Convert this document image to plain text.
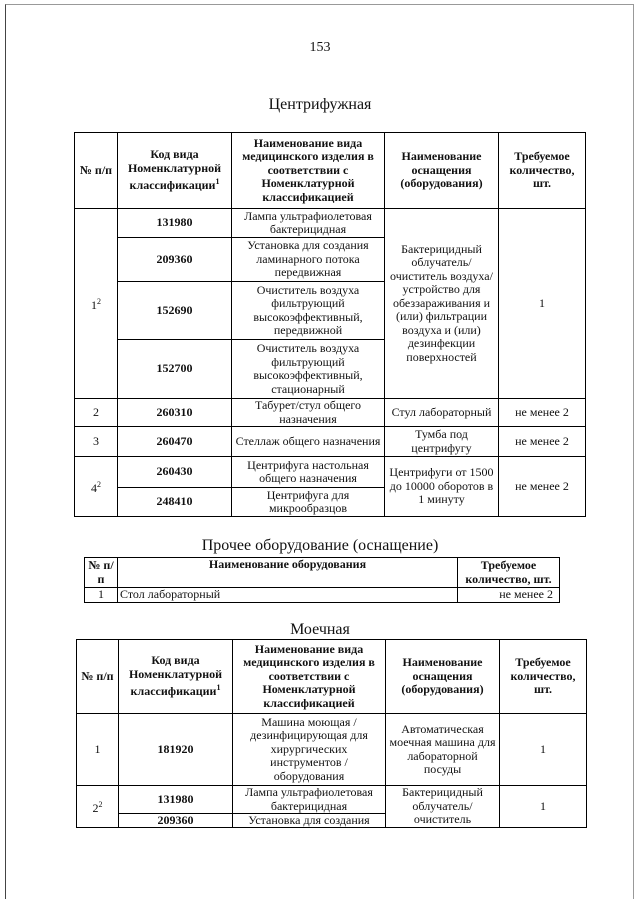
153
Центрифужная
№ п/п	Код вида Номенклатурной классификации$^1$	Наименование вида медицинского изделия в соответствии с Номенклатурной классификацией	Наименование оснащения (оборудования)	Требуемое количество, шт.
$1^2$	131980	Лампа ультрафиолетовая бактерицидная	Бактерицидный облучатель/ очиститель воздуха/ устройство для обеззараживания и (или) фильтрации воздуха и (или) дезинфекции поверхностей	1
	209360	Установка для создания ламинарного потока передвижная		
	152690	Очиститель воздуха фильтрующий высокоэффективный, передвижной		
	152700	Очиститель воздуха фильтрующий высокоэффективный, стационарный		
2	260310	Табурет/стул общего назначения	Стул лабораторный	не менее 2
3	260470	Стеллаж общего назначения	Тумба под центрифугу	не менее 2
$4^2$	260430	Центрифуга настольная общего назначения	Центрифуги от 1500 до 10000 оборотов в 1 минуту	не менее 2
	248410	Центрифуга для микрообразцов		
Прочее оборудование (оснащение)
№ п/п	Наименование оборудования	Требуемое количество, шт.
1	Стол лабораторный	не менее 2
Моечная
№ п/п	Код вида Номенклатурной классификации$^1$	Наименование вида медицинского изделия в соответствии с Номенклатурной классификацией	Наименование оснащения (оборудования)	Требуемое количество, шт.
1	181920	Машина моющая /дезинфицирующая для хирургических инструментов /оборудования	Автоматическая моечная машина для лабораторной посуды	1
$2^2$	131980	Лампа ультрафиолетовая бактерицидная	Бактерицидный облучатель/ очиститель	1
	209360	Установка для создания		
